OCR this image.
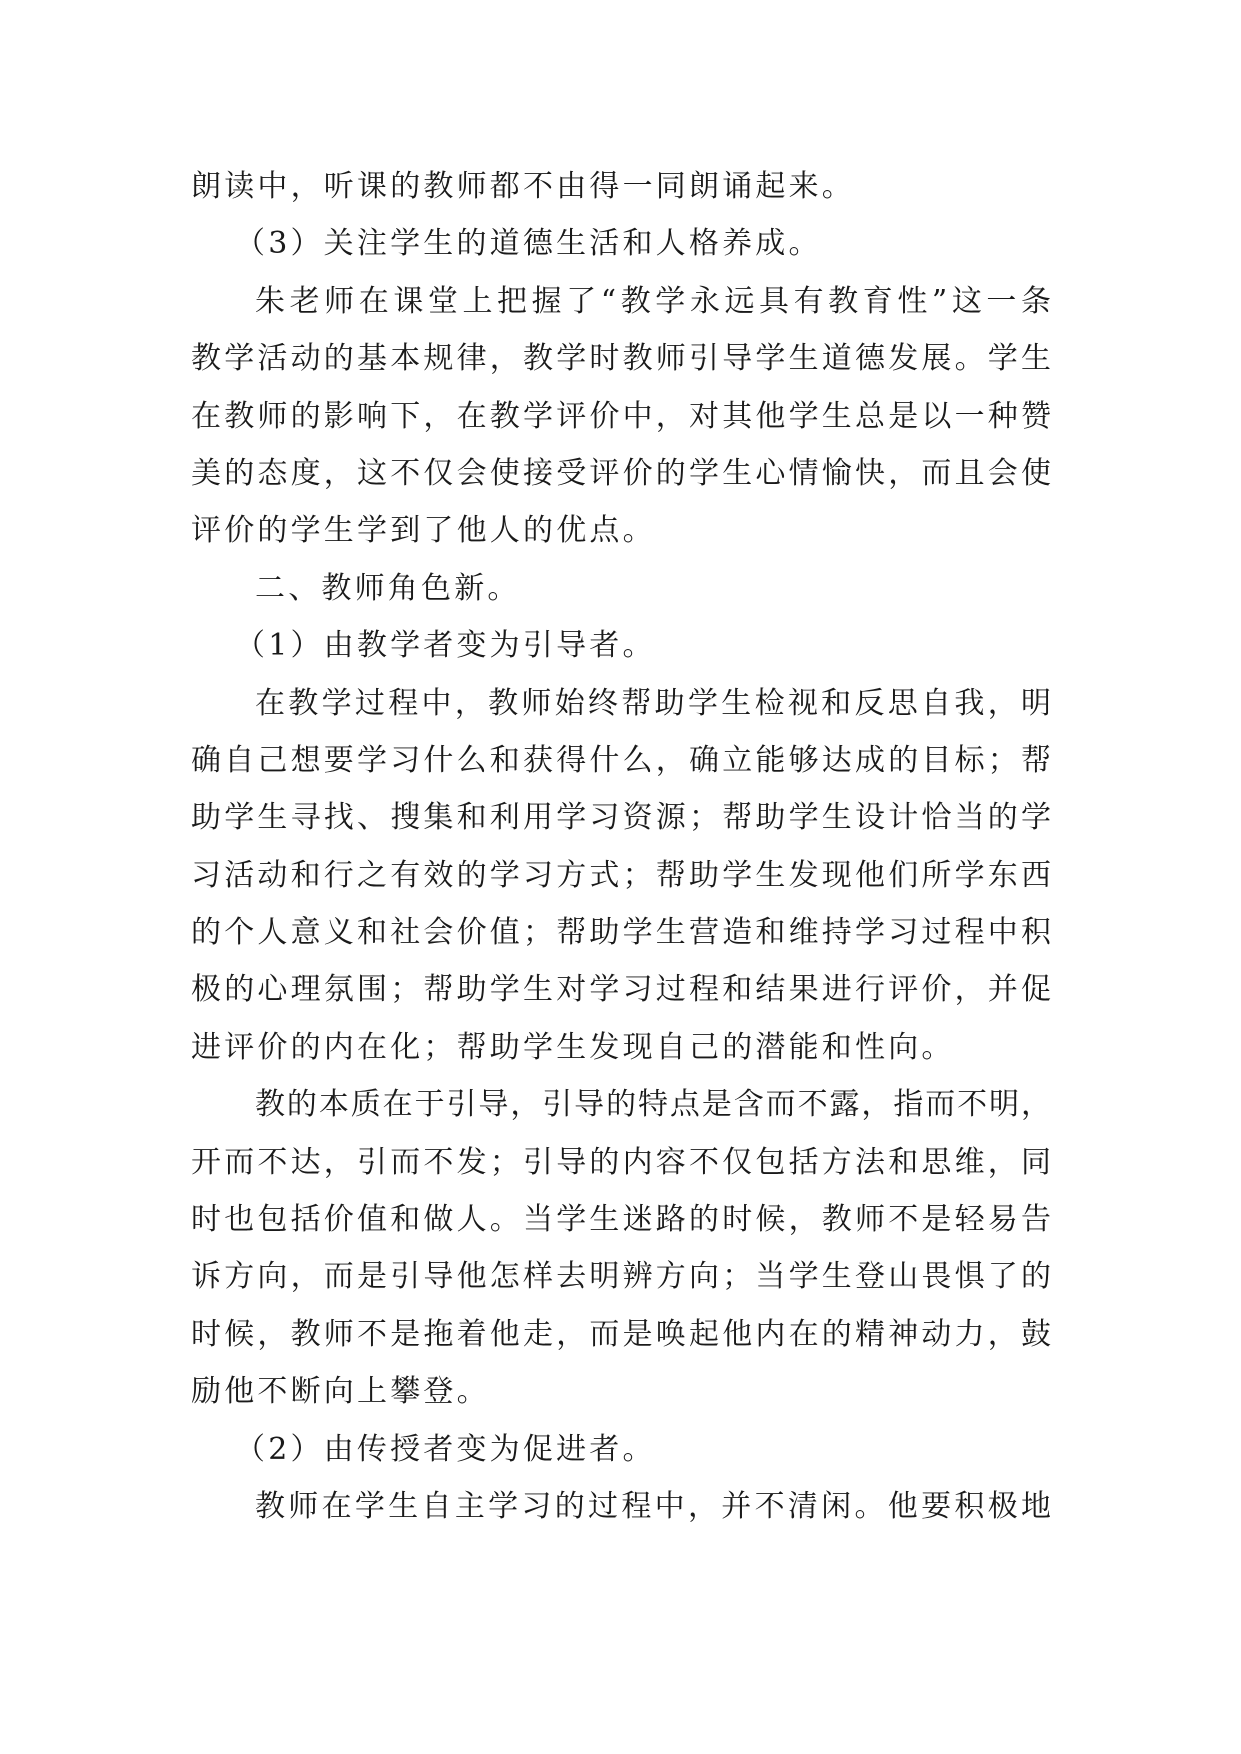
朗读中，听课的教师都不由得一同朗诵起来。
（3）关注学生的道德生活和人格养成。
朱老师在课堂上把握了“教学永远具有教育性”这一条
教学活动的基本规律，教学时教师引导学生道德发展。学生
在教师的影响下，在教学评价中，对其他学生总是以一种赞
美的态度，这不仅会使接受评价的学生心情愉快，而且会使
评价的学生学到了他人的优点。
二、教师角色新。
（1）由教学者变为引导者。
在教学过程中，教师始终帮助学生检视和反思自我，明
确自己想要学习什么和获得什么，确立能够达成的目标；帮
助学生寻找、搜集和利用学习资源；帮助学生设计恰当的学
习活动和行之有效的学习方式；帮助学生发现他们所学东西
的个人意义和社会价值；帮助学生营造和维持学习过程中积
极的心理氛围；帮助学生对学习过程和结果进行评价，并促
进评价的内在化；帮助学生发现自己的潜能和性向。
教的本质在于引导，引导的特点是含而不露，指而不明，
开而不达，引而不发；引导的内容不仅包括方法和思维，同
时也包括价值和做人。当学生迷路的时候，教师不是轻易告
诉方向，而是引导他怎样去明辨方向；当学生登山畏惧了的
时候，教师不是拖着他走，而是唤起他内在的精神动力，鼓
励他不断向上攀登。
（2）由传授者变为促进者。
教师在学生自主学习的过程中，并不清闲。他要积极地
